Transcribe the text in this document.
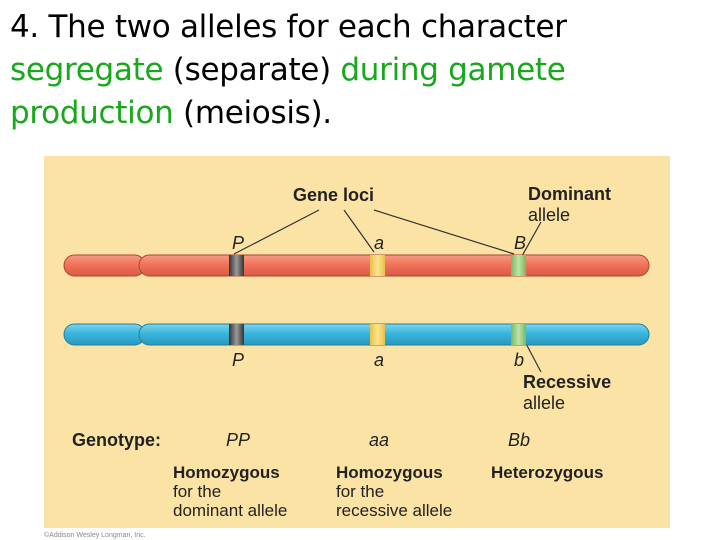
4. The two alleles for each character segregate (separate) during gamete production (meiosis).
Gene loci	Dominant
allele
P	a	B
P	a	b
Recessive
allele
Genotype:	PP	aa	Bb
Homozygous
for the
dominant allele
Homozygous
for the
recessive allele
Heterozygous
©Addison Wesley Longman, Inc.
